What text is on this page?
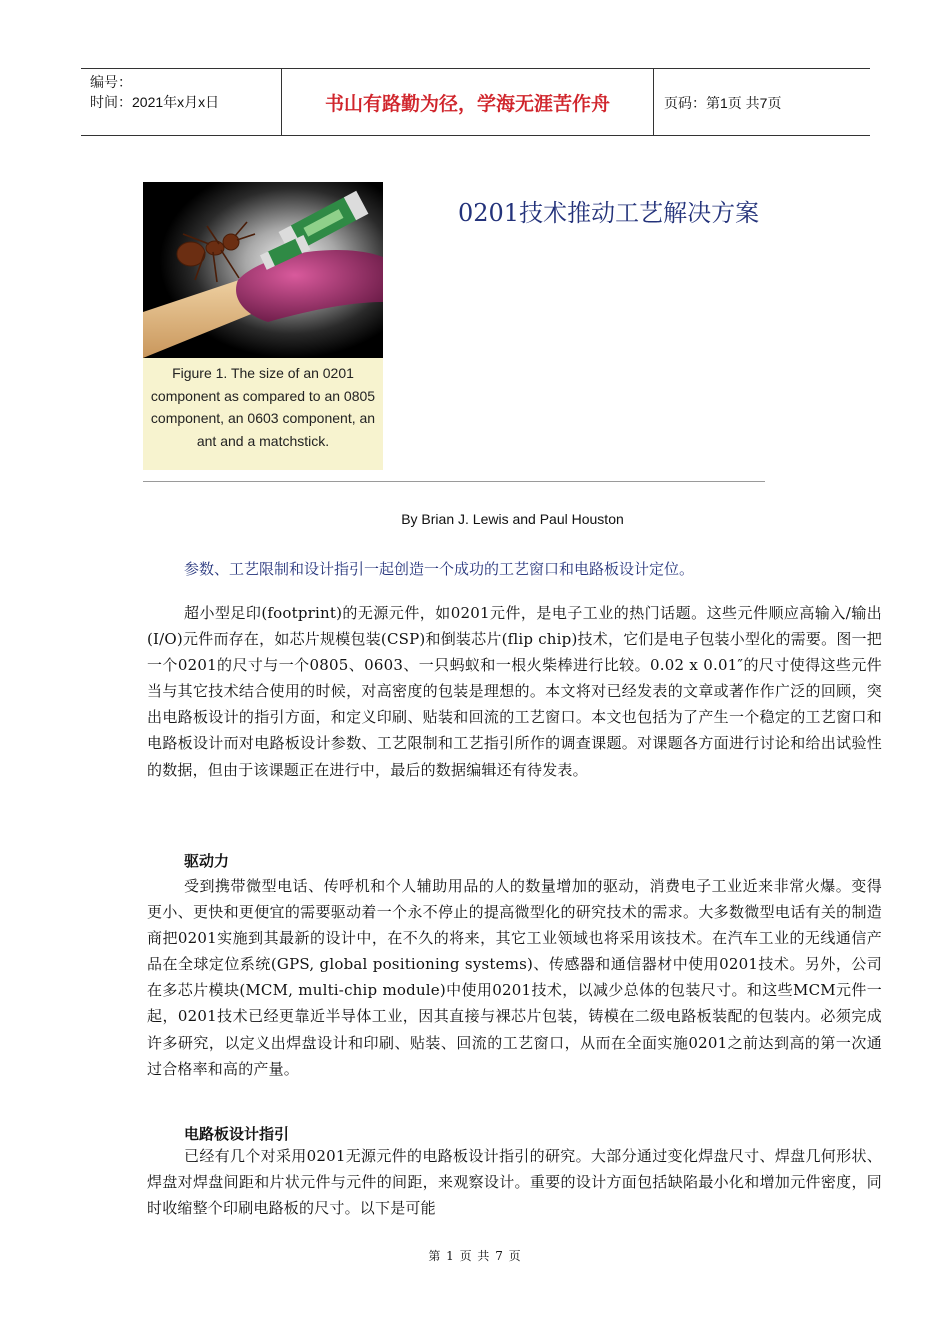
编号：
时间：2021年x月x日	书山有路勤为径，学海无涯苦作舟	页码：第1页 共7页
Figure 1. The size of an 0201 component as compared to an 0805 component, an 0603 component, an ant and a matchstick.
0201技术推动工艺解决方案
By Brian J. Lewis and Paul Houston
参数、工艺限制和设计指引一起创造一个成功的工艺窗口和电路板设计定位。

超小型足印(footprint)的无源元件，如0201元件，是电子工业的热门话题。这些元件顺应高输入/输出(I/O)元件而存在，如芯片规模包装(CSP)和倒装芯片(flip chip)技术，它们是电子包装小型化的需要。图一把一个0201的尺寸与一个0805、0603、一只蚂蚁和一根火柴棒进行比较。0.02 x 0.01″的尺寸使得这些元件当与其它技术结合使用的时候，对高密度的包装是理想的。本文将对已经发表的文章或著作作广泛的回顾，突出电路板设计的指引方面，和定义印刷、贴装和回流的工艺窗口。本文也包括为了产生一个稳定的工艺窗口和电路板设计而对电路板设计参数、工艺限制和工艺指引所作的调查课题。对课题各方面进行讨论和给出试验性的数据，但由于该课题正在进行中，最后的数据编辑还有待发表。

驱动力

受到携带微型电话、传呼机和个人辅助用品的人的数量增加的驱动，消费电子工业近来非常火爆。变得更小、更快和更便宜的需要驱动着一个永不停止的提高微型化的研究技术的需求。大多数微型电话有关的制造商把0201实施到其最新的设计中，在不久的将来，其它工业领域也将采用该技术。在汽车工业的无线通信产品在全球定位系统(GPS, global positioning systems)、传感器和通信器材中使用0201技术。另外，公司在多芯片模块(MCM, multi-chip module)中使用0201技术，以减少总体的包装尺寸。和这些MCM元件一起，0201技术已经更靠近半导体工业，因其直接与裸芯片包装，铸模在二级电路板装配的包装内。必须完成许多研究，以定义出焊盘设计和印刷、贴装、回流的工艺窗口，从而在全面实施0201之前达到高的第一次通过合格率和高的产量。

电路板设计指引

已经有几个对采用0201无源元件的电路板设计指引的研究。大部分通过变化焊盘尺寸、焊盘几何形状、焊盘对焊盘间距和片状元件与元件的间距，来观察设计。重要的设计方面包括缺陷最小化和增加元件密度，同时收缩整个印刷电路板的尺寸。以下是可能

第 1 页 共 7 页
